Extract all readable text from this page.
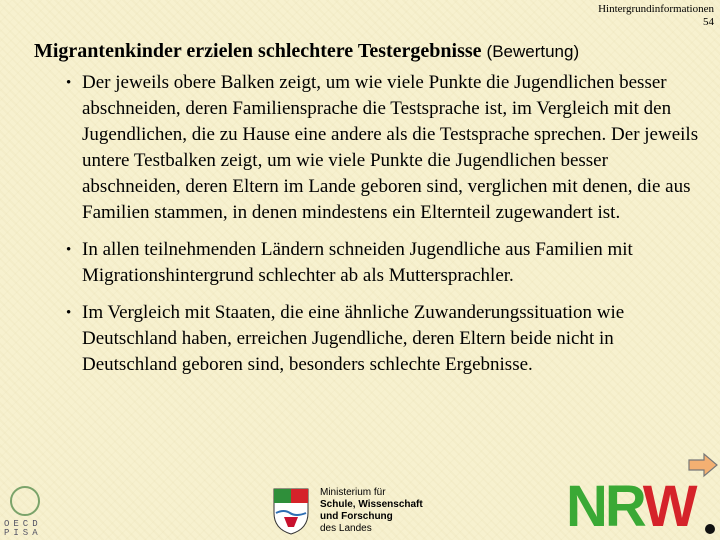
Hintergrundinformationen
54
Migrantenkinder erzielen schlechtere Testergebnisse (Bewertung)
• Der jeweils obere Balken zeigt, um wie viele Punkte die Jugendlichen besser abschneiden, deren Familiensprache die Testsprache ist, im Vergleich mit den Jugendlichen, die zu Hause eine andere als die Testsprache sprechen. Der jeweils untere Testbalken zeigt, um wie viele Punkte die Jugendlichen besser abschneiden, deren Eltern im Lande geboren sind, verglichen mit denen, die aus Familien stammen, in denen mindestens ein Elternteil zugewandert ist.
• In allen teilnehmenden Ländern schneiden Jugendliche aus Familien mit Migrationshintergrund schlechter ab als Muttersprachler.
• Im Vergleich mit Staaten, die eine ähnliche Zuwanderungssituation wie Deutschland haben, erreichen Jugendliche, deren Eltern beide nicht in Deutschland geboren sind, besonders schlechte Ergebnisse.
OECD
PISA
Ministerium für
Schule, Wissenschaft
und Forschung
des Landes	NRW
